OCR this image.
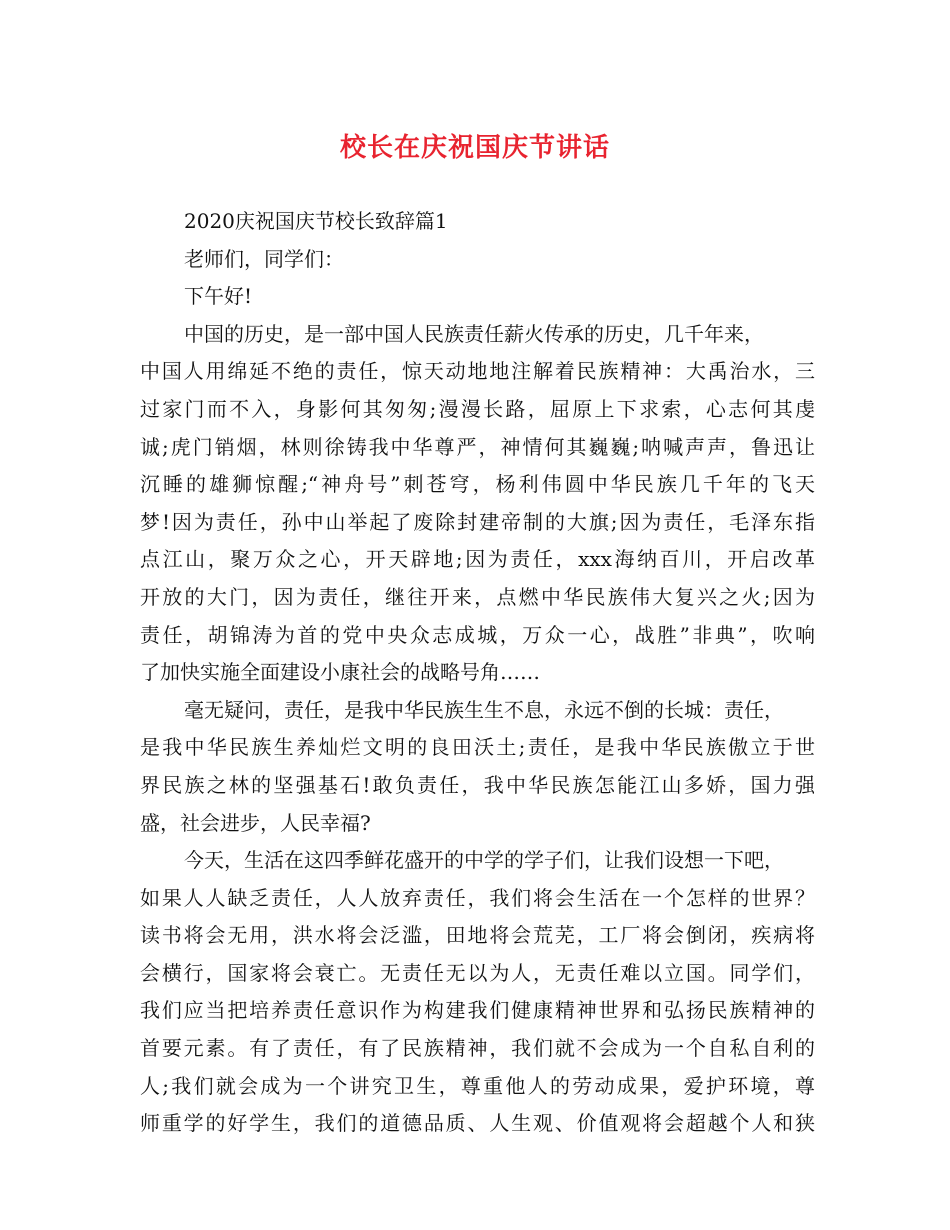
校长在庆祝国庆节讲话
2020庆祝国庆节校长致辞篇1
老师们，同学们：
下午好!
中国的历史，是一部中国人民族责任薪火传承的历史，几千年来，
中国人用绵延不绝的责任，惊天动地地注解着民族精神：大禹治水，三
过家门而不入，身影何其匆匆;漫漫长路，屈原上下求索，心志何其虔
诚;虎门销烟，林则徐铸我中华尊严，神情何其巍巍;呐喊声声，鲁迅让
沉睡的雄狮惊醒;“神舟号”刺苍穹，杨利伟圆中华民族几千年的飞天
梦!因为责任，孙中山举起了废除封建帝制的大旗;因为责任，毛泽东指
点江山，聚万众之心，开天辟地;因为责任，xxx海纳百川，开启改革
开放的大门，因为责任，继往开来，点燃中华民族伟大复兴之火;因为
责任，胡锦涛为首的党中央众志成城，万众一心，战胜”非典”，吹响
了加快实施全面建设小康社会的战略号角……
毫无疑问，责任，是我中华民族生生不息，永远不倒的长城：责任，
是我中华民族生养灿烂文明的良田沃土;责任，是我中华民族傲立于世
界民族之林的坚强基石!敢负责任，我中华民族怎能江山多娇，国力强
盛，社会进步，人民幸福?
今天，生活在这四季鲜花盛开的中学的学子们，让我们设想一下吧，
如果人人缺乏责任，人人放弃责任，我们将会生活在一个怎样的世界？
读书将会无用，洪水将会泛滥，田地将会荒芜，工厂将会倒闭，疾病将
会横行，国家将会衰亡。无责任无以为人，无责任难以立国。同学们，
我们应当把培养责任意识作为构建我们健康精神世界和弘扬民族精神的
首要元素。有了责任，有了民族精神，我们就不会成为一个自私自利的
人;我们就会成为一个讲究卫生，尊重他人的劳动成果，爱护环境，尊
师重学的好学生，我们的道德品质、人生观、价值观将会超越个人和狭
